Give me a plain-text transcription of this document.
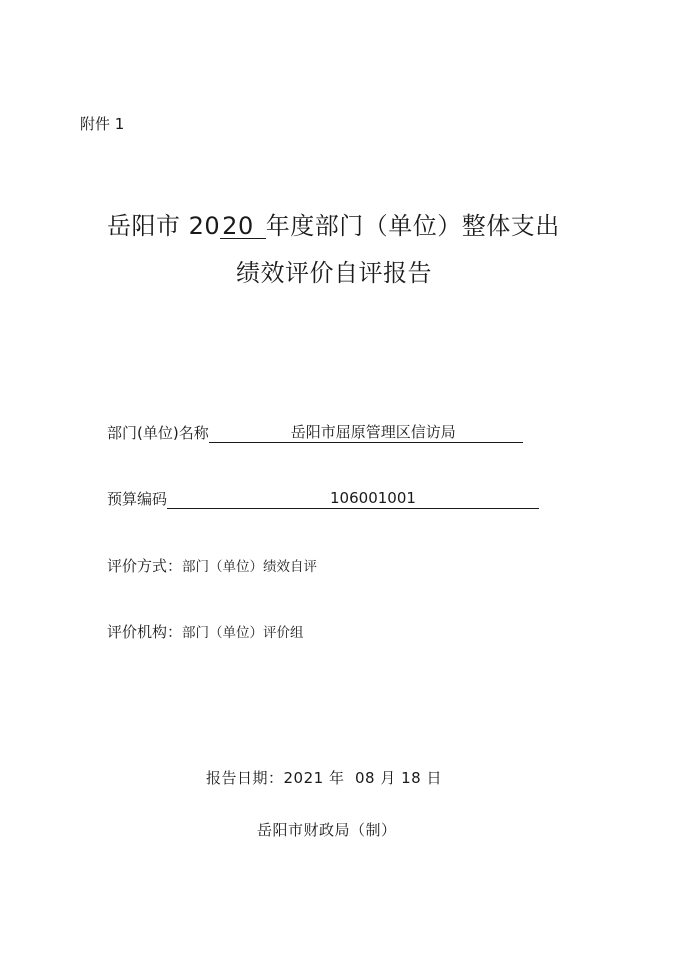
附件 1
岳阳市 2020 年度部门（单位）整体支出
绩效评价自评报告
部门(单位)名称	岳阳市屈原管理区信访局
预算编码	106001001
评价方式：部门（单位）绩效自评
评价机构：部门（单位）评价组
报告日期：2021 年  08 月 18 日
岳阳市财政局（制）
